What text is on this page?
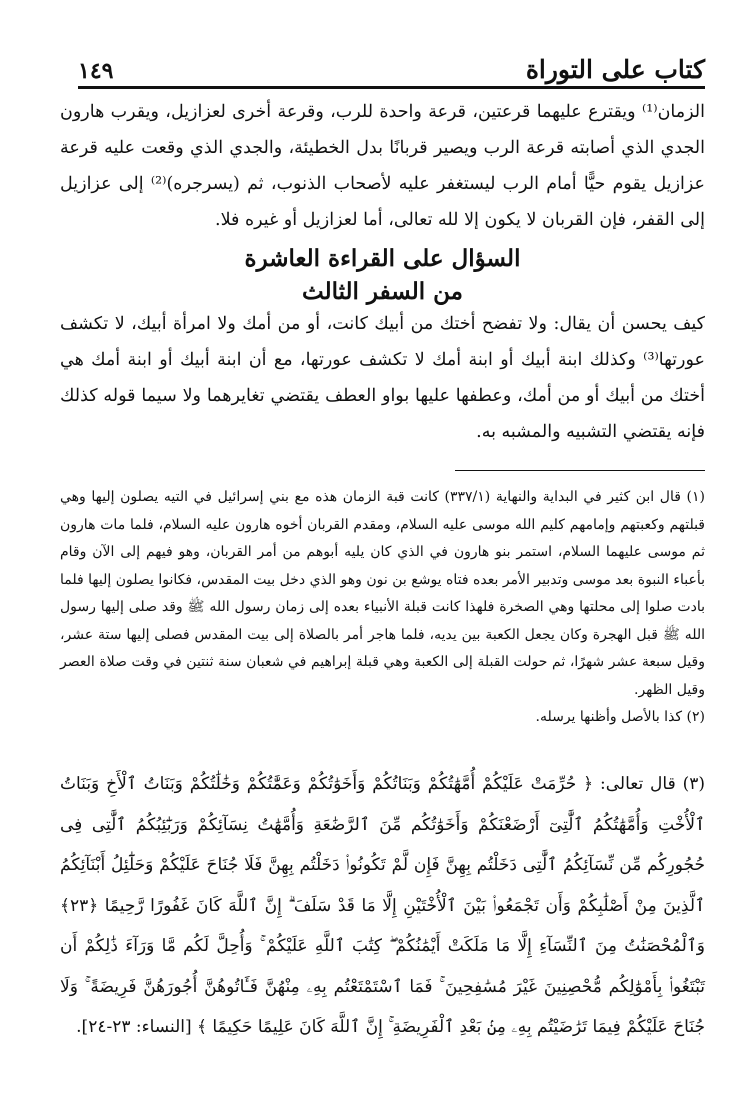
١٤٩	كتاب على التوراة

الزمان⁽¹⁾ ويقترع عليهما قرعتين، قرعة واحدة للرب، وقرعة أخرى لعزازيل، ويقرب هارون الجدي الذي أصابته قرعة الرب ويصير قربانًا بدل الخطيئة، والجدي الذي وقعت عليه قرعة عزازيل يقوم حيًّا أمام الرب ليستغفر عليه لأصحاب الذنوب، ثم (يسرجره)⁽²⁾ إلى عزازيل إلى القفر، فإن القربان لا يكون إلا لله تعالى، أما لعزازيل أو غيره فلا.

السؤال على القراءة العاشرة
من السفر الثالث

كيف يحسن أن يقال: ولا تفضح أختك من أبيك كانت، أو من أمك ولا امرأة أبيك، لا تكشف عورتها⁽³⁾ وكذلك ابنة أبيك أو ابنة أمك لا تكشف عورتها، مع أن ابنة أبيك أو ابنة أمك هي أختك من أبيك أو من أمك، وعطفها عليها بواو العطف يقتضي تغايرهما ولا سيما قوله كذلك فإنه يقتضي التشبيه والمشبه به.

(١) قال ابن كثير في البداية والنهاية (٣٣٧/١) كانت قبة الزمان هذه مع بني إسرائيل في التيه يصلون إليها وهي قبلتهم وكعبتهم وإمامهم كليم الله موسى عليه السلام، ومقدم القربان أخوه هارون عليه السلام، فلما مات هارون ثم موسى عليهما السلام، استمر بنو هارون في الذي كان يليه أبوهم من أمر القربان، وهو فيهم إلى الآن وقام بأعباء النبوة بعد موسى وتدبير الأمر بعده فتاه يوشع بن نون وهو الذي دخل بيت المقدس، فكانوا يصلون إليها فلما بادت صلوا إلى محلتها وهي الصخرة فلهذا كانت قبلة الأنبياء بعده إلى زمان رسول الله ﷺ وقد صلى إليها رسول الله ﷺ قبل الهجرة وكان يجعل الكعبة بين يديه، فلما هاجر أمر بالصلاة إلى بيت المقدس فصلى إليها ستة عشر، وقيل سبعة عشر شهرًا، ثم حولت القبلة إلى الكعبة وهي قبلة إبراهيم في شعبان سنة ثنتين في وقت صلاة العصر وقيل الظهر.

(٢) كذا بالأصل وأظنها يرسله.

(٣) قال تعالى: ﴿ حُرِّمَتْ عَلَيْكُمْ أُمَّهَٰتُكُمْ وَبَنَاتُكُمْ وَأَخَوَٰتُكُمْ وَعَمَّٰتُكُمْ وَخَٰلَٰتُكُمْ وَبَنَاتُ ٱلْأَخِ وَبَنَاتُ ٱلْأُخْتِ وَأُمَّهَٰتُكُمُ ٱلَّٰتِىٓ أَرْضَعْنَكُمْ وَأَخَوَٰتُكُم مِّنَ ٱلرَّضَٰعَةِ وَأُمَّهَٰتُ نِسَآئِكُمْ وَرَبَٰٓئِبُكُمُ ٱلَّٰتِى فِى حُجُورِكُم مِّن نِّسَآئِكُمُ ٱلَّٰتِى دَخَلْتُم بِهِنَّ فَإِن لَّمْ تَكُونُوا۟ دَخَلْتُم بِهِنَّ فَلَا جُنَاحَ عَلَيْكُمْ وَحَلَٰٓئِلُ أَبْنَآئِكُمُ ٱلَّذِينَ مِنْ أَصْلَٰبِكُمْ وَأَن تَجْمَعُوا۟ بَيْنَ ٱلْأُخْتَيْنِ إِلَّا مَا قَدْ سَلَفَ ۗ إِنَّ ٱللَّهَ كَانَ غَفُورًا رَّحِيمًا ﴿٢٣﴾ وَٱلْمُحْصَنَٰتُ مِنَ ٱلنِّسَآءِ إِلَّا مَا مَلَكَتْ أَيْمَٰنُكُمْ ۖ كِتَٰبَ ٱللَّهِ عَلَيْكُمْ ۚ وَأُحِلَّ لَكُم مَّا وَرَآءَ ذَٰلِكُمْ أَن تَبْتَغُوا۟ بِأَمْوَٰلِكُم مُّحْصِنِينَ غَيْرَ مُسَٰفِحِينَ ۚ فَمَا ٱسْتَمْتَعْتُم بِهِۦ مِنْهُنَّ فَـَٔاتُوهُنَّ أُجُورَهُنَّ فَرِيضَةً ۚ وَلَا جُنَاحَ عَلَيْكُمْ فِيمَا تَرَٰضَيْتُم بِهِۦ مِنۢ بَعْدِ ٱلْفَرِيضَةِ ۚ إِنَّ ٱللَّهَ كَانَ عَلِيمًا حَكِيمًا ﴾ [النساء: ٢٣-٢٤].
